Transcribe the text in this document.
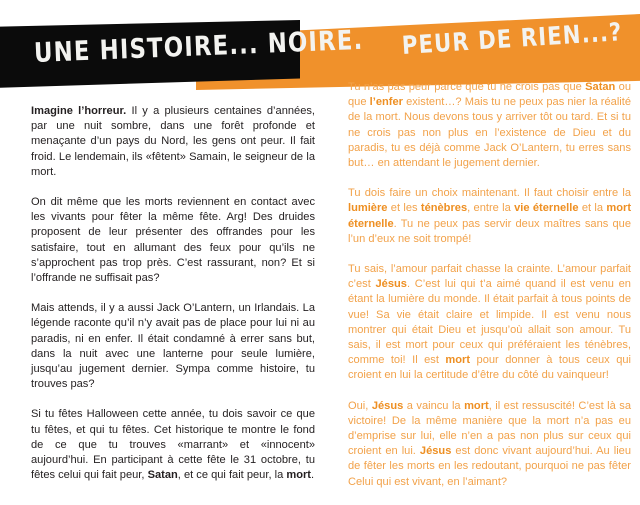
UNE HISTOIRE... NOIRE. PEUR DE RIEN...?

Imagine l’horreur. Il y a plusieurs centaines d’années, par une nuit sombre, dans une forêt profonde et menaçante d’un pays du Nord, les gens ont peur. Il fait froid. Le lendemain, ils «fêtent» Samain, le seigneur de la mort.

On dit même que les morts reviennent en contact avec les vivants pour fêter la même fête. Arg! Des druides proposent de leur présenter des offrandes pour les satisfaire, tout en allumant des feux pour qu’ils ne s’approchent pas trop près. C’est rassurant, non? Et si l’offrande ne suffisait pas?

Mais attends, il y a aussi Jack O’Lantern, un Irlandais. La légende raconte qu’il n’y avait pas de place pour lui ni au paradis, ni en enfer. Il était condamné à errer sans but, dans la nuit avec une lanterne pour seule lumière, jusqu’au jugement dernier. Sympa comme histoire, tu trouves pas?

Si tu fêtes Halloween cette année, tu dois savoir ce que tu fêtes, et qui tu fêtes. Cet historique te montre le fond de ce que tu trouves «marrant» et «innocent» aujourd’hui. En participant à cette fête le 31 octobre, tu fêtes celui qui fait peur, Satan, et ce qui fait peur, la mort.

Tu n’as pas peur parce que tu ne crois pas que Satan ou que l’enfer existent…? Mais tu ne peux pas nier la réalité de la mort. Nous devons tous y arriver tôt ou tard. Et si tu ne crois pas non plus en l’existence de Dieu et du paradis, tu es déjà comme Jack O’Lantern, tu erres sans but… en attendant le jugement dernier.

Tu dois faire un choix maintenant. Il faut choisir entre la lumière et les ténèbres, entre la vie éternelle et la mort éternelle. Tu ne peux pas servir deux maîtres sans que l’un d’eux ne soit trompé!

Tu sais, l’amour parfait chasse la crainte. L’amour parfait c’est Jésus. C’est lui qui t’a aimé quand il est venu en étant la lumière du monde. Il était parfait à tous points de vue! Sa vie était claire et limpide. Il est venu nous montrer qui était Dieu et jusqu’où allait son amour. Tu sais, il est mort pour ceux qui préféraient les ténèbres, comme toi! Il est mort pour donner à tous ceux qui croient en lui la certitude d’être du côté du vainqueur!

Oui, Jésus a vaincu la mort, il est ressuscité! C’est là sa victoire! De la même manière que la mort n’a pas eu d’emprise sur lui, elle n’en a pas non plus sur ceux qui croient en lui. Jésus est donc vivant aujourd’hui. Au lieu de fêter les morts en les redoutant, pourquoi ne pas fêter Celui qui est vivant, en l’aimant?
